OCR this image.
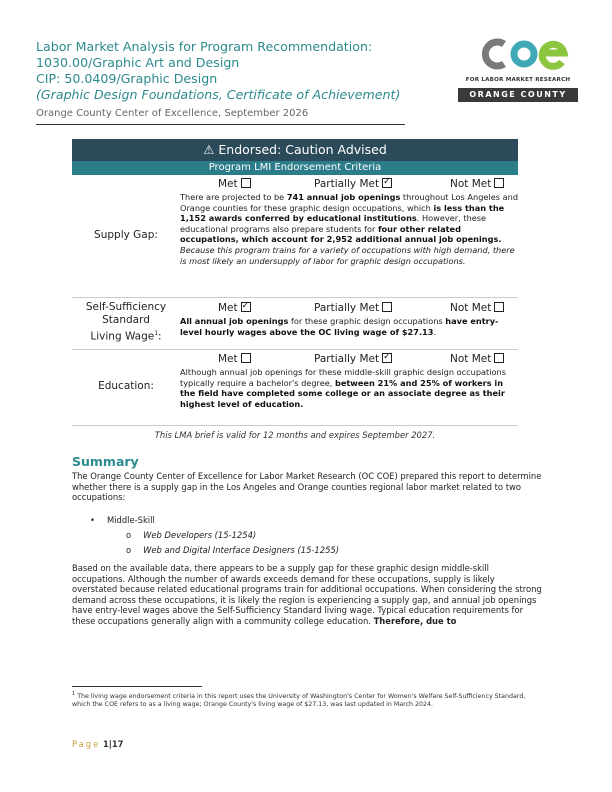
Labor Market Analysis for Program Recommendation:
1030.00/Graphic Art and Design
CIP: 50.0409/Graphic Design
(Graphic Design Foundations, Certificate of Achievement)
Orange County Center of Excellence, September 2026
FOR LABOR MARKET RESEARCH
ORANGE COUNTY
⚠ Endorsed: Caution Advised
Program LMI Endorsement Criteria
Supply Gap:
Met	Partially Met ✓	Not Met
There are projected to be 741 annual job openings throughout Los Angeles and Orange counties for these graphic design occupations, which is less than the 1,152 awards conferred by educational institutions. However, these educational programs also prepare students for four other related occupations, which account for 2,952 additional annual job openings. Because this program trains for a variety of occupations with high demand, there is most likely an undersupply of labor for graphic design occupations.
Self-Sufficiency
Standard
Living Wage$^1$:
Met ✓	Partially Met	Not Met
All annual job openings for these graphic design occupations have entry-level hourly wages above the OC living wage of $27.13.
Education:
Met	Partially Met ✓	Not Met
Although annual job openings for these middle-skill graphic design occupations typically require a bachelor's degree, between 21% and 25% of workers in the field have completed some college or an associate degree as their highest level of education.
This LMA brief is valid for 12 months and expires September 2027.
Summary
The Orange County Center of Excellence for Labor Market Research (OC COE) prepared this report to determine whether there is a supply gap in the Los Angeles and Orange counties regional labor market related to two occupations:
• Middle-Skill
o Web Developers (15-1254)
o Web and Digital Interface Designers (15-1255)
Based on the available data, there appears to be a supply gap for these graphic design middle-skill occupations. Although the number of awards exceeds demand for these occupations, supply is likely overstated because related educational programs train for additional occupations. When considering the strong demand across these occupations, it is likely the region is experiencing a supply gap, and annual job openings have entry-level wages above the Self-Sufficiency Standard living wage. Typical education requirements for these occupations generally align with a community college education. Therefore, due to
$^1$ The living wage endorsement criteria in this report uses the University of Washington's Center for Women's Welfare Self-Sufficiency Standard, which the COE refers to as a living wage; Orange County's living wage of $27.13, was last updated in March 2024.
Page 1|17
